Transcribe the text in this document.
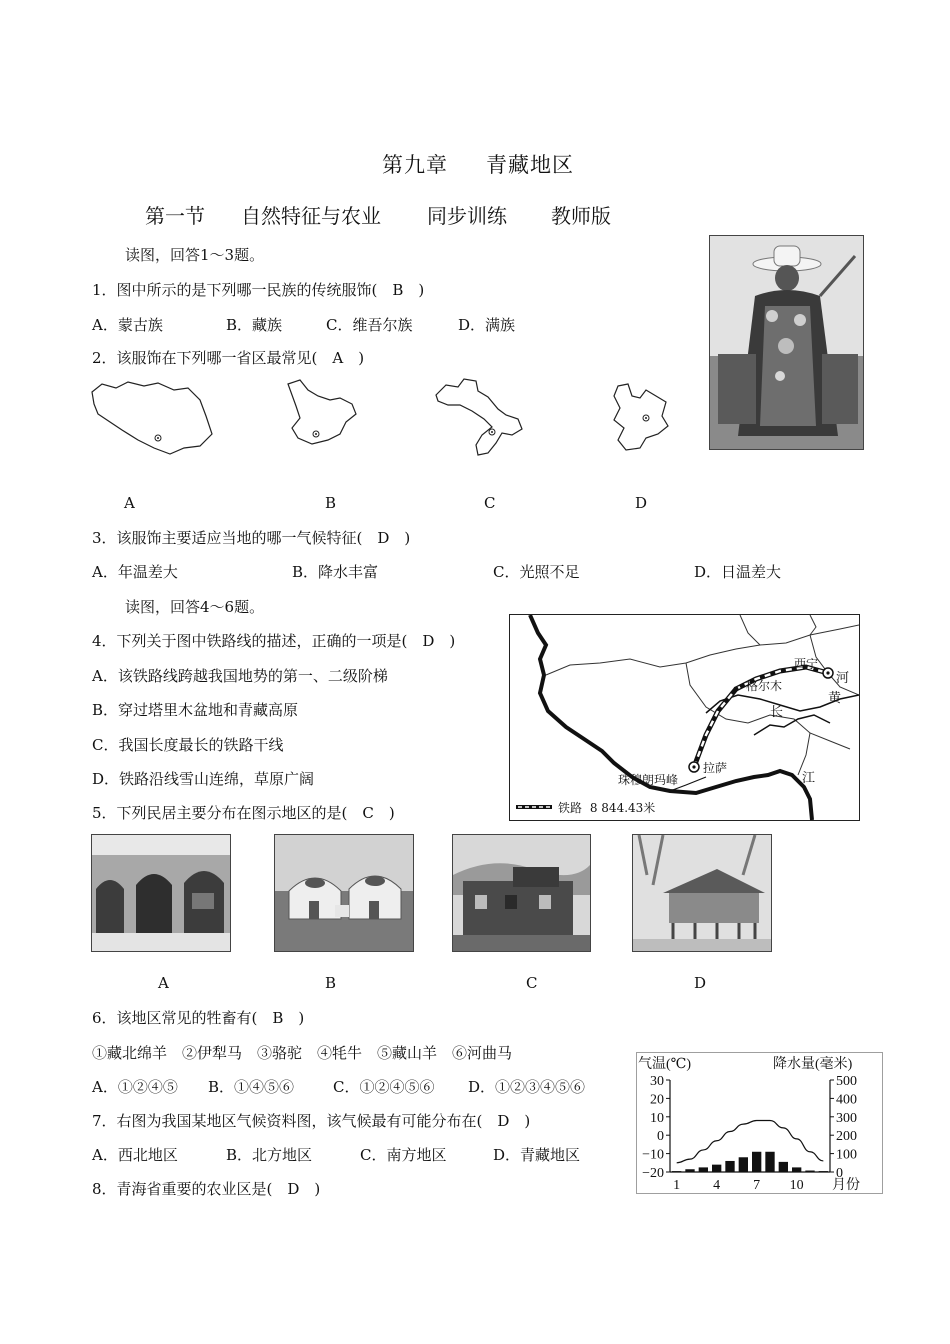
第九章 青藏地区
第一节 自然特征与农业 同步训练 教师版
读图，回答1～3题。
1．图中所示的是下列哪一民族的传统服饰(　B　)
A．蒙古族	B．藏族	C．维吾尔族	D．满族
2．该服饰在下列哪一省区最常见(　A　)
A	B	C	D
3．该服饰主要适应当地的哪一气候特征(　D　)
A．年温差大	B．降水丰富	C．光照不足	D．日温差大
读图，回答4～6题。
4．下列关于图中铁路线的描述，正确的一项是(　D　)
A．该铁路线跨越我国地势的第一、二级阶梯
B．穿过塔里木盆地和青藏高原
C．我国长度最长的铁路干线
D．铁路沿线雪山连绵，草原广阔
西宁
河
格尔木
黄
长
拉萨
珠穆朗玛峰	江
铁路 8 844.43米
5．下列民居主要分布在图示地区的是(　C　)
A	B	C	D
6．该地区常见的牲畜有(　B　)
①藏北绵羊　②伊犁马　③骆驼　④牦牛　⑤藏山羊　⑥河曲马
A．①②④⑤ B．①④⑤⑥	C．①②④⑤⑥ D．①②③④⑤⑥
7．右图为我国某地区气候资料图，该气候最有可能分布在(　D　)
A．西北地区	B．北方地区	C．南方地区	D．青藏地区
8．青海省重要的农业区是(　D　)
气温(℃)	降水量(毫米)
30
20
10
0
−10
−20
500
400
300
200
100
0
1 4 7 10 月份
